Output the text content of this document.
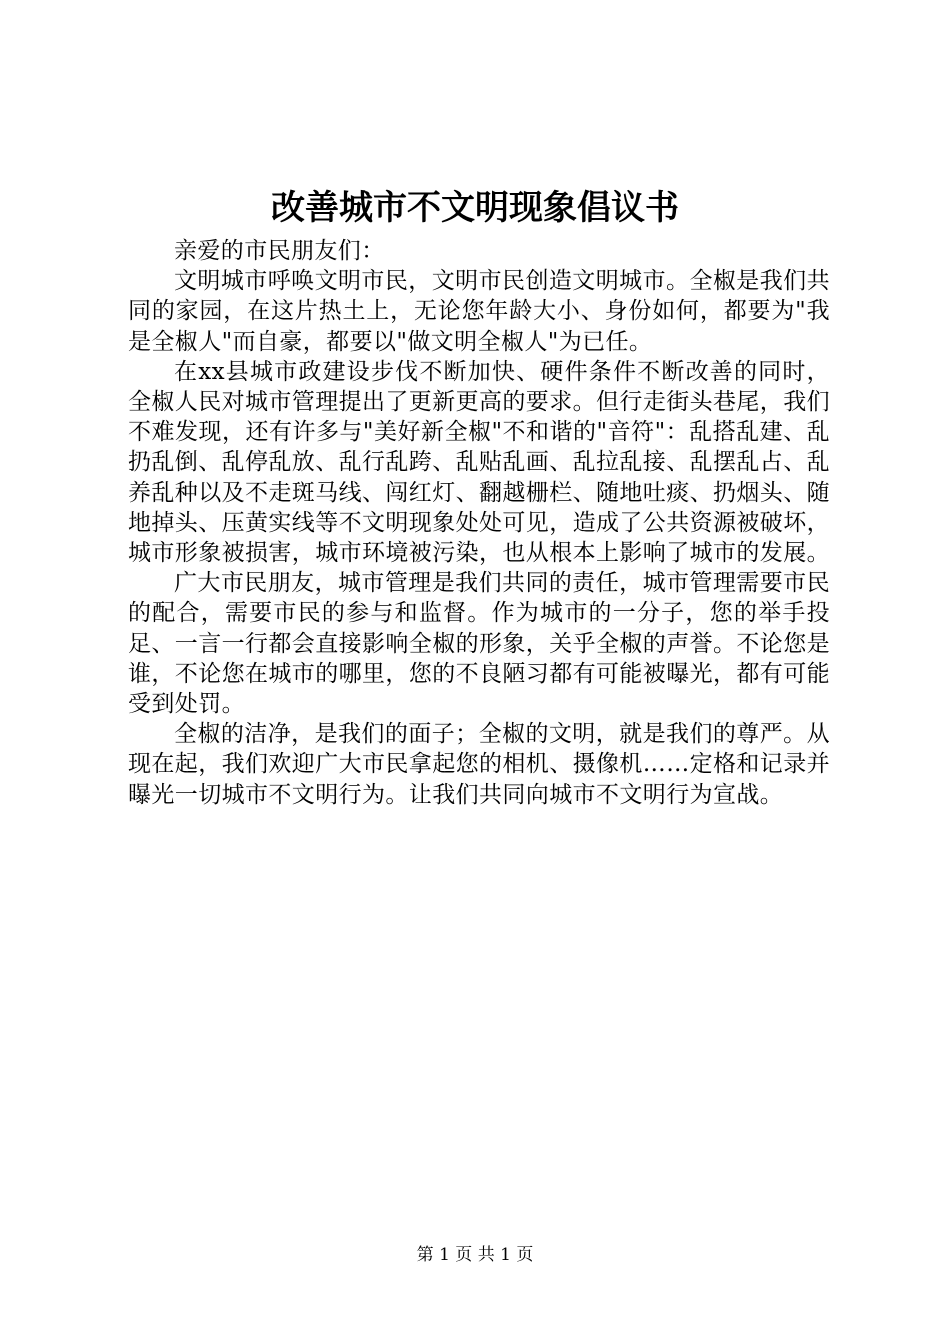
改善城市不文明现象倡议书

亲爱的市民朋友们：

文明城市呼唤文明市民，文明市民创造文明城市。全椒是我们共同的家园，在这片热土上，无论您年龄大小、身份如何，都要为"我是全椒人"而自豪，都要以"做文明全椒人"为已任。

在xx县城市政建设步伐不断加快、硬件条件不断改善的同时，全椒人民对城市管理提出了更新更高的要求。但行走街头巷尾，我们不难发现，还有许多与"美好新全椒"不和谐的"音符"：乱搭乱建、乱扔乱倒、乱停乱放、乱行乱跨、乱贴乱画、乱拉乱接、乱摆乱占、乱养乱种以及不走斑马线、闯红灯、翻越栅栏、随地吐痰、扔烟头、随地掉头、压黄实线等不文明现象处处可见，造成了公共资源被破坏，城市形象被损害，城市环境被污染，也从根本上影响了城市的发展。

广大市民朋友，城市管理是我们共同的责任，城市管理需要市民的配合，需要市民的参与和监督。作为城市的一分子，您的举手投足、一言一行都会直接影响全椒的形象，关乎全椒的声誉。不论您是谁，不论您在城市的哪里，您的不良陋习都有可能被曝光，都有可能受到处罚。

全椒的洁净，是我们的面子；全椒的文明，就是我们的尊严。从现在起，我们欢迎广大市民拿起您的相机、摄像机……定格和记录并曝光一切城市不文明行为。让我们共同向城市不文明行为宣战。

第 1 页 共 1 页
